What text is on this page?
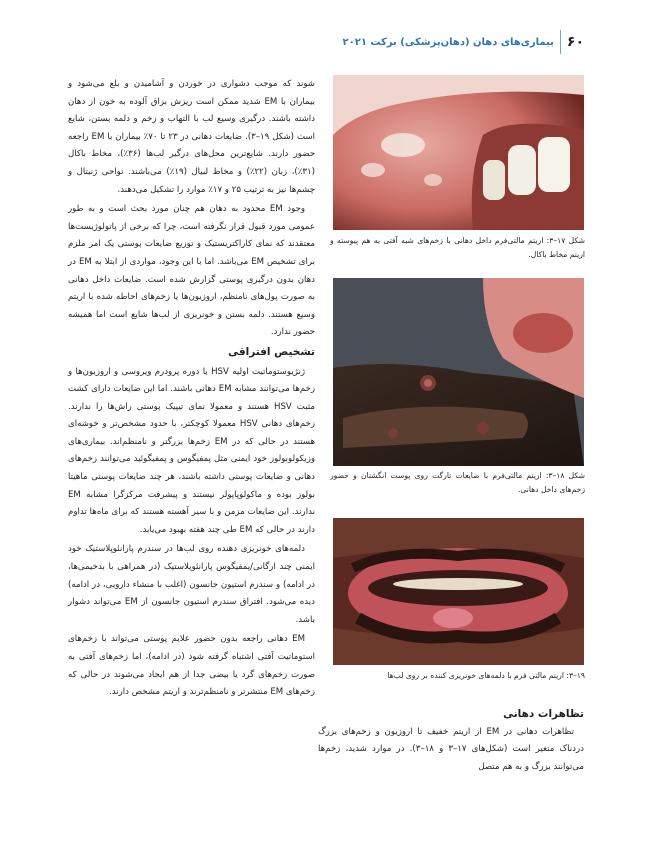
۶۰
بیماری‌های دهان (دهان‌پزشکی) برکت ۲۰۲۱

شوند که موجب دشواری در خوردن و آشامیدن و بلع می‌شود و بیماران با EM شدید ممکن است ریزش بزاق آلوده به خون از دهان داشته باشند. درگیری وسیع لب با التهاب و زخم و دلمه بستن، شایع است (شکل ۱۹–۳). ضایعات دهانی در ۲۳ تا ۷۰٪ بیماران با EM راجعه حضور دارند. شایع‌ترین محل‌های درگیر لب‌ها (۳۶٪)، مخاط باکال (۳۱٪)، زبان (۲۲٪) و مخاط لبیال (۱۹٪) می‌باشند. نواحی ژنیتال و چشم‌ها نیز به ترتیب ۲۵ و ۱۷٪ موارد را تشکیل می‌دهند.

وجود EM محدود به دهان هم چنان مورد بحث است و به طور عمومی مورد قبول قرار نگرفته است، چرا که برخی از پاتولوژیست‌ها معتقدند که نمای کاراکتریستیک و توزیع ضایعات پوستی یک امر ملزم برای تشخیص EM می‌باشد. اما با این وجود، مواردی از ابتلا به EM در دهان بدون درگیری پوستی گزارش شده است. ضایعات داخل دهانی به صورت پول‌های نامنظم، اروزیون‌ها یا زخم‌های احاطه شده با اریتم وسیع هستند. دلمه بستن و خونریزی از لب‌ها شایع است اما همیشه حضور ندارد.

تشخیص افتراقی

ژنژیوستوماتیت اولیه HSV یا دوره پرودرم ویروسی و اروزیون‌ها و زخم‌ها می‌توانند مشابه EM دهانی باشند. اما این ضایعات دارای کشت مثبت HSV هستند و معمولا نمای تیپیک پوستی راش‌ها را ندارند. زخم‌های دهانی HSV معمولا کوچکتر، با حدود مشخص‌تر و خوشه‌ای هستند در حالی که در EM زخم‌ها بزرگتر و نامنظم‌اند. بیماری‌های وزیکولوبولوز خود ایمنی مثل پمفیگوس و پمفیگوئید می‌توانند زخم‌های دهانی و ضایعات پوستی داشته باشند، هر چند ضایعات پوستی ماهیتا بولوز بوده و ماکولوپاپولر نیستند و پیشرفت مرکزگرا مشابه EM ندارند. این ضایعات مزمن و با سیر آهسته هستند که برای ماه‌ها تداوم دارند در حالی که EM طی چند هفته بهبود می‌یابد.

دلمه‌های خونریزی دهنده روی لب‌ها در سندرم پارانئوپلاستیک خود ایمنی چند ارگانی/پمفیگوس پارانئوپلاستیک (در همراهی با بدخیمی‌ها، در ادامه) و سندرم استیون جانسون (اغلب با منشاء دارویی، در ادامه) دیده می‌شود. افتراق سندرم استیون جانسون از EM می‌تواند دشوار باشد.

EM دهانی راجعه بدون حضور علایم پوستی می‌تواند با زخم‌های استوماتیت آفتی اشتباه گرفته شود (در ادامه)، اما زخم‌های آفتی به صورت زخم‌های گرد یا بیضی جدا از هم ایجاد می‌شوند در حالی که زخم‌های EM منتشرتر و نامنظم‌ترند و اریتم مشخص دارند.

شکل ۱۷–۳: اریتم مالتی‌فرم داخل دهانی با زخم‌های شبه آفتی به هم پیوسته و اریتم مخاط باکال.
شکل ۱۸–۳: اریتم مالتی‌فرم با ضایعات تارگت روی پوست انگشتان و حضور زخم‌های داخل دهانی.
۱۹–۳: اریتم مالتی فرم با دلمه‌های خونریزی کننده بر روی لب‌ها

تظاهرات دهانی

تظاهرات دهانی در EM از اریتم خفیف تا اروزیون و زخم‌های بزرگ دردناک متغیر است (شکل‌های ۱۷–۳ و ۱۸–۳). در موارد شدید، زخم‌ها می‌توانند بزرگ و به هم متصل
